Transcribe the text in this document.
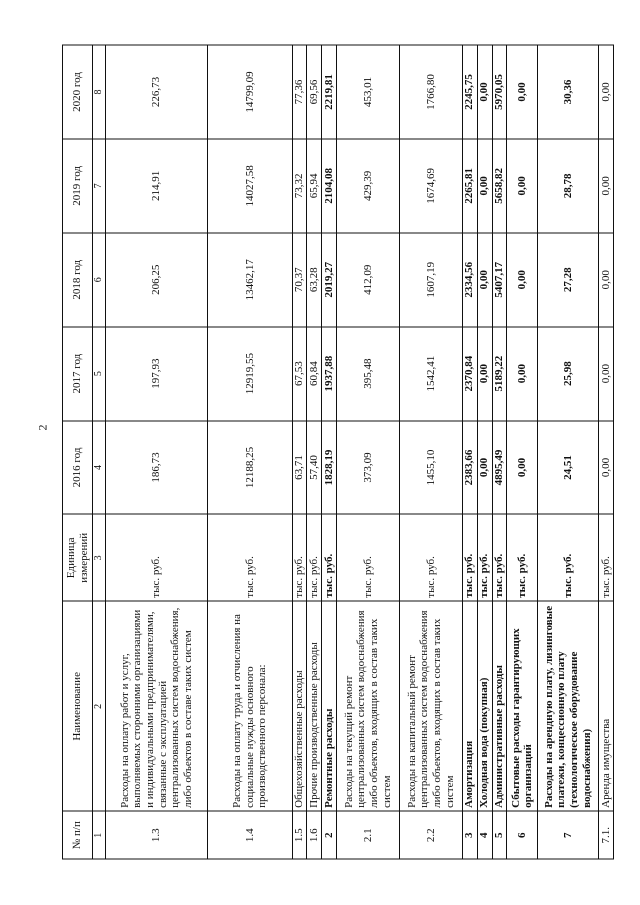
2
№ п/п	Наименование	Единица измерений	2016 год	2017 год	2018 год	2019 год	2020 год
1	2	3	4	5	6	7	8
1.3	Расходы на оплату работ и услуг, выполняемых сторонними организациями и индивидуальными предпринимателями, связанные с эксплуатацией централизованных систем водоснабжения, либо объектов в составе таких систем	тыс. руб.	186,73	197,93	206,25	214,91	226,73
1.4	Расходы на оплату труда и отчисления на социальные нужды основного производственного персонала:	тыс. руб.	12188,25	12919,55	13462,17	14027,58	14799,09
1.5	Общехозяйственные расходы	тыс. руб.	63,71	67,53	70,37	73,32	77,36
1.6	Прочие производственные расходы	тыс. руб.	57,40	60,84	63,28	65,94	69,56
2	Ремонтные расходы	тыс. руб.	1828,19	1937,88	2019,27	2104,08	2219,81
2.1	Расходы на текущий ремонт централизованных систем водоснабжения либо объектов, входящих в состав таких систем	тыс. руб.	373,09	395,48	412,09	429,39	453,01
2.2	Расходы на капитальный ремонт централизованных систем водоснабжения либо объектов, входящих в состав таких систем	тыс. руб.	1455,10	1542,41	1607,19	1674,69	1766,80
3	Амортизация	тыс. руб.	2383,66	2370,84	2334,56	2265,81	2245,75
4	Холодная вода (покупная)	тыс. руб.	0,00	0,00	0,00	0,00	0,00
5	Административные расходы	тыс. руб.	4895,49	5189,22	5407,17	5658,82	5970,05
6	Сбытовые расходы гарантирующих организаций	тыс. руб.	0,00	0,00	0,00	0,00	0,00
7	Расходы на арендную плату, лизинговые платежи, концессионную плату (технологическое оборудование водоснабжения)	тыс. руб.	24,51	25,98	27,28	28,78	30,36
7.1.	Аренда имущества	тыс. руб.	0,00	0,00	0,00	0,00	0,00
